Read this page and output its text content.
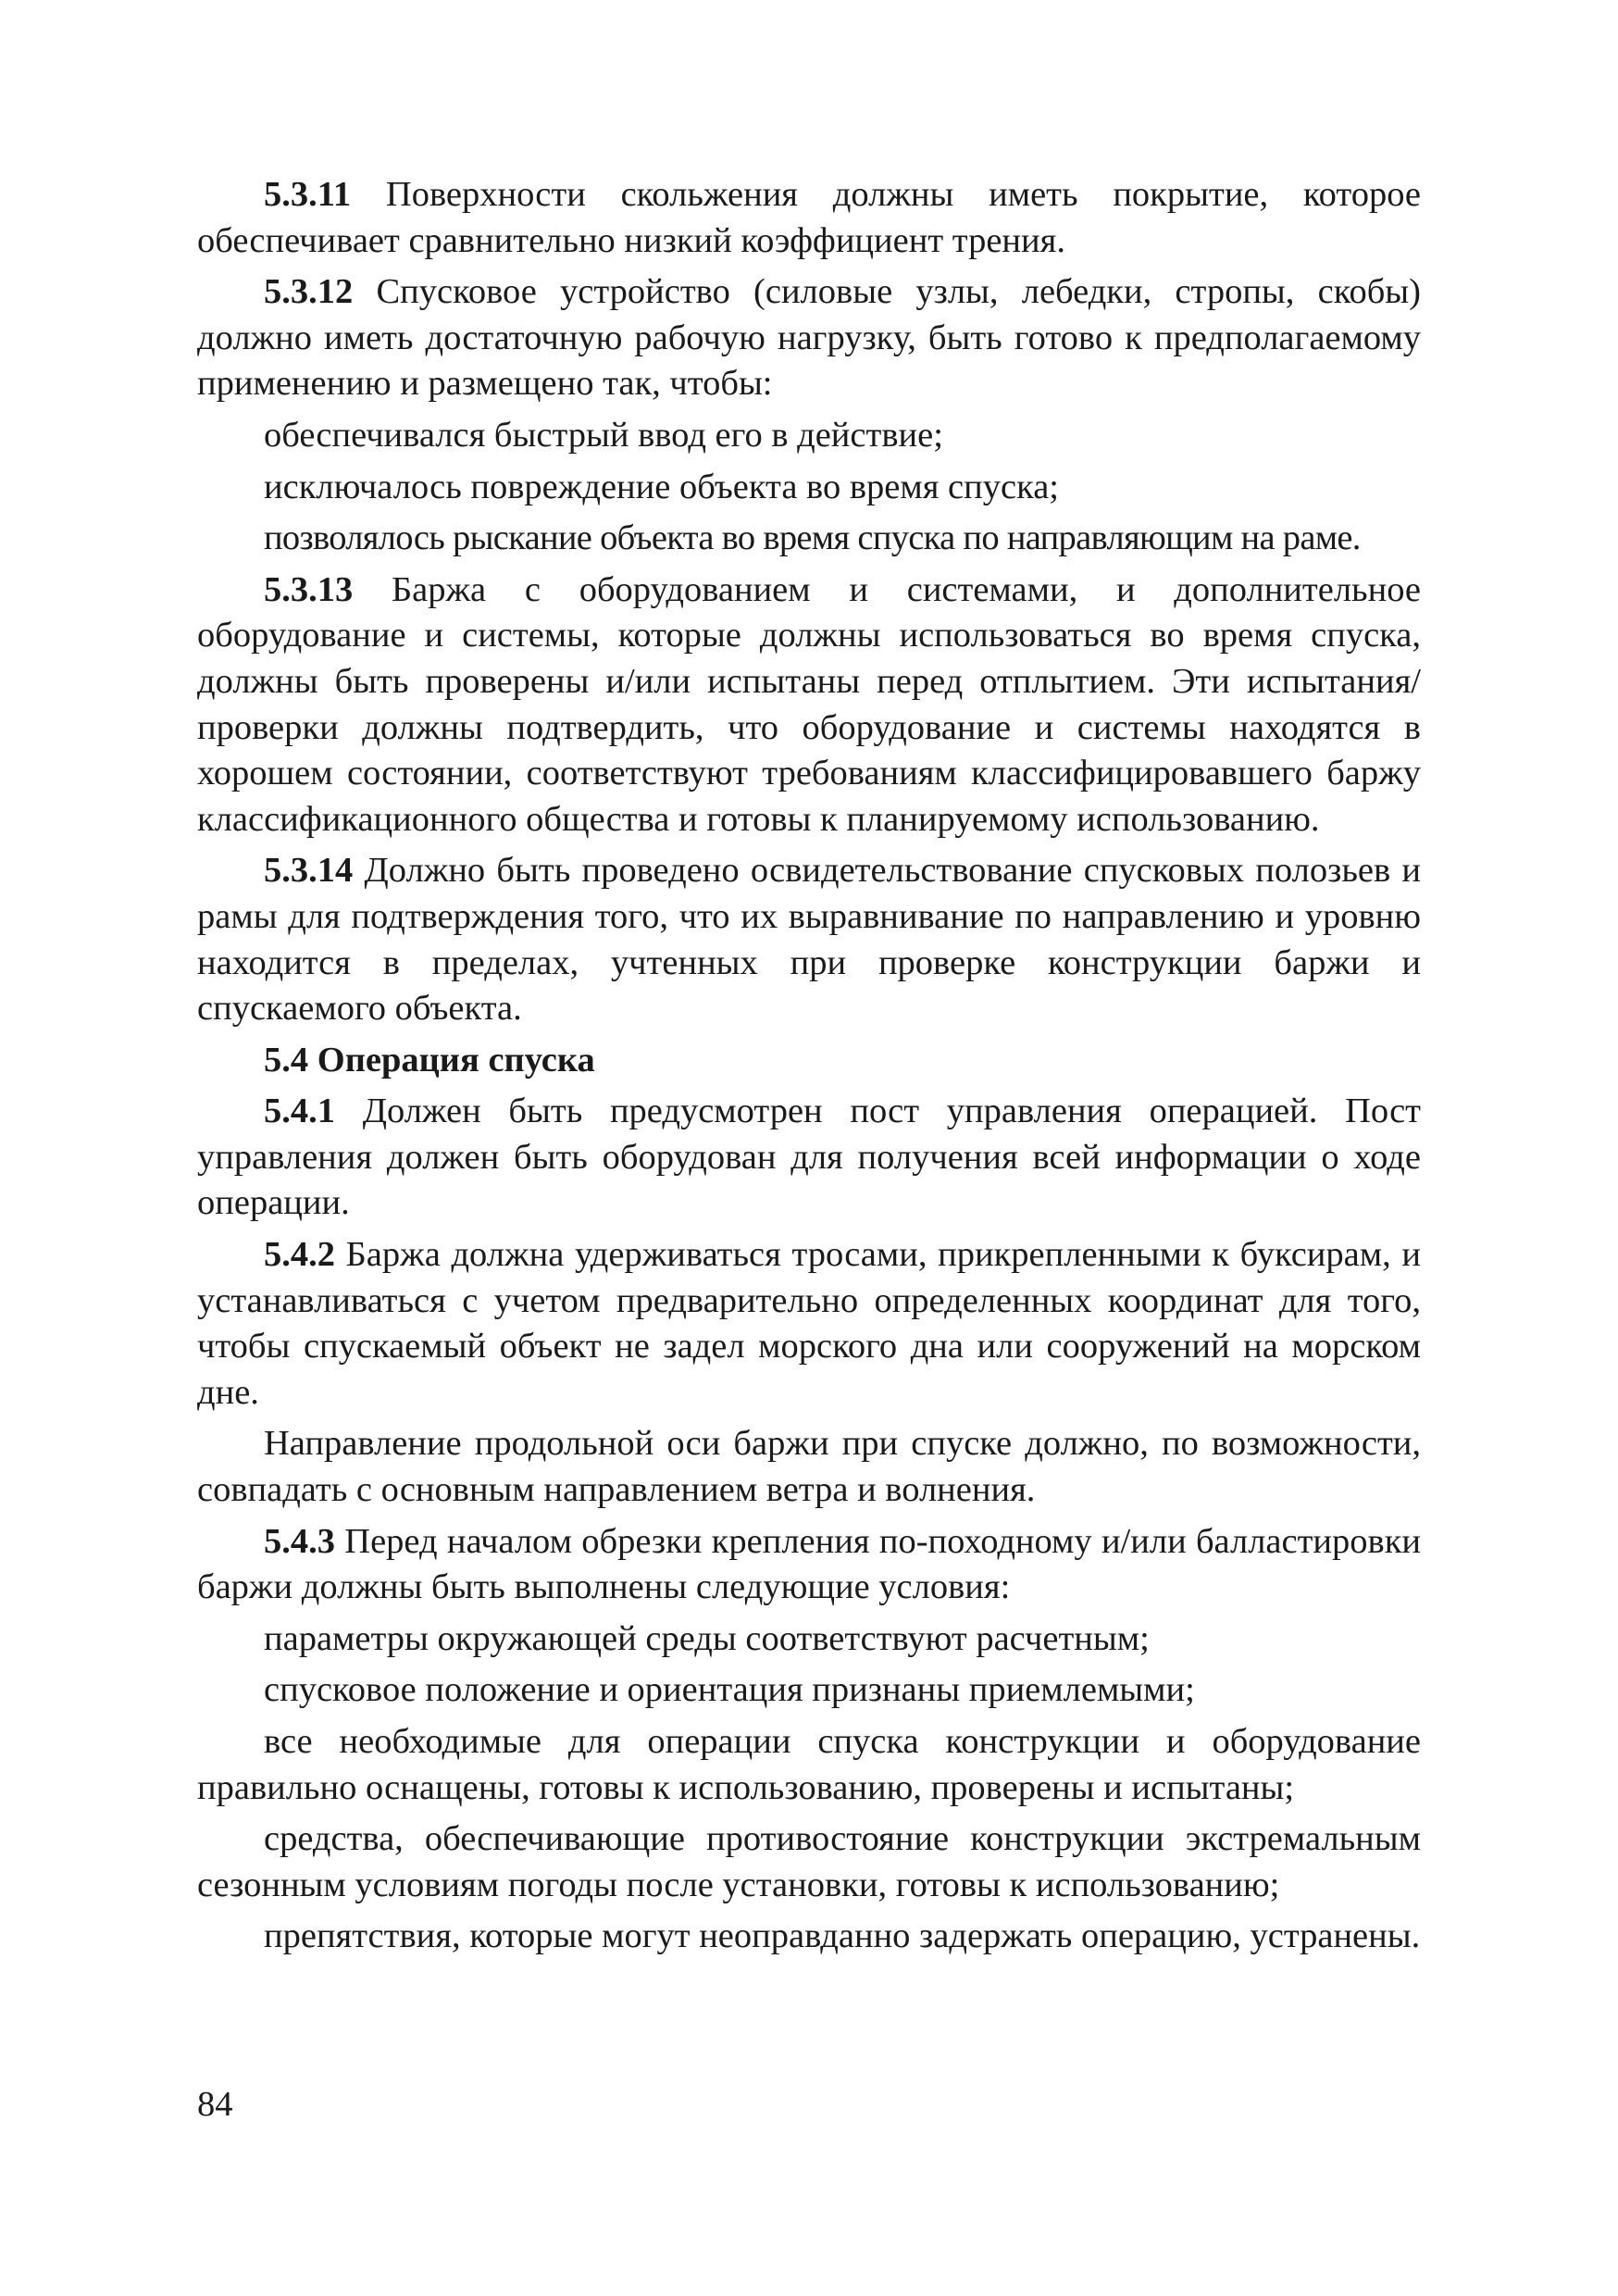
5.3.11 Поверхности скольжения должны иметь покрытие, которое обеспечивает сравнительно низкий коэффициент трения.

5.3.12 Спусковое устройство (силовые узлы, лебедки, стропы, скобы) должно иметь достаточную рабочую нагрузку, быть готово к предполагаемому применению и размещено так, чтобы:

обеспечивался быстрый ввод его в действие;

исключалось повреждение объекта во время спуска;

позволялось рыскание объекта во время спуска по направляющим на раме.

5.3.13 Баржа с оборудованием и системами, и дополнительное оборудование и системы, которые должны использоваться во время спуска, должны быть проверены и/или испытаны перед отплытием. Эти испытания/проверки должны подтвердить, что оборудование и системы находятся в хорошем состоянии, соответствуют требованиям классифицировавшего баржу классификационного общества и готовы к планируемому использованию.

5.3.14 Должно быть проведено освидетельствование спусковых полозьев и рамы для подтверждения того, что их выравнивание по направлению и уровню находится в пределах, учтенных при проверке конструкции баржи и спускаемого объекта.

5.4 Операция спуска

5.4.1 Должен быть предусмотрен пост управления операцией. Пост управления должен быть оборудован для получения всей информации о ходе операции.

5.4.2 Баржа должна удерживаться тросами, прикрепленными к буксирам, и устанавливаться с учетом предварительно определенных координат для того, чтобы спускаемый объект не задел морского дна или сооружений на морском дне.

Направление продольной оси баржи при спуске должно, по возможности, совпадать с основным направлением ветра и волнения.

5.4.3 Перед началом обрезки крепления по-походному и/или балластировки баржи должны быть выполнены следующие условия:

параметры окружающей среды соответствуют расчетным;

спусковое положение и ориентация признаны приемлемыми;

все необходимые для операции спуска конструкции и оборудование правильно оснащены, готовы к использованию, проверены и испытаны;

средства, обеспечивающие противостояние конструкции экстремальным сезонным условиям погоды после установки, готовы к использованию;

препятствия, которые могут неоправданно задержать операцию, устранены.

84
